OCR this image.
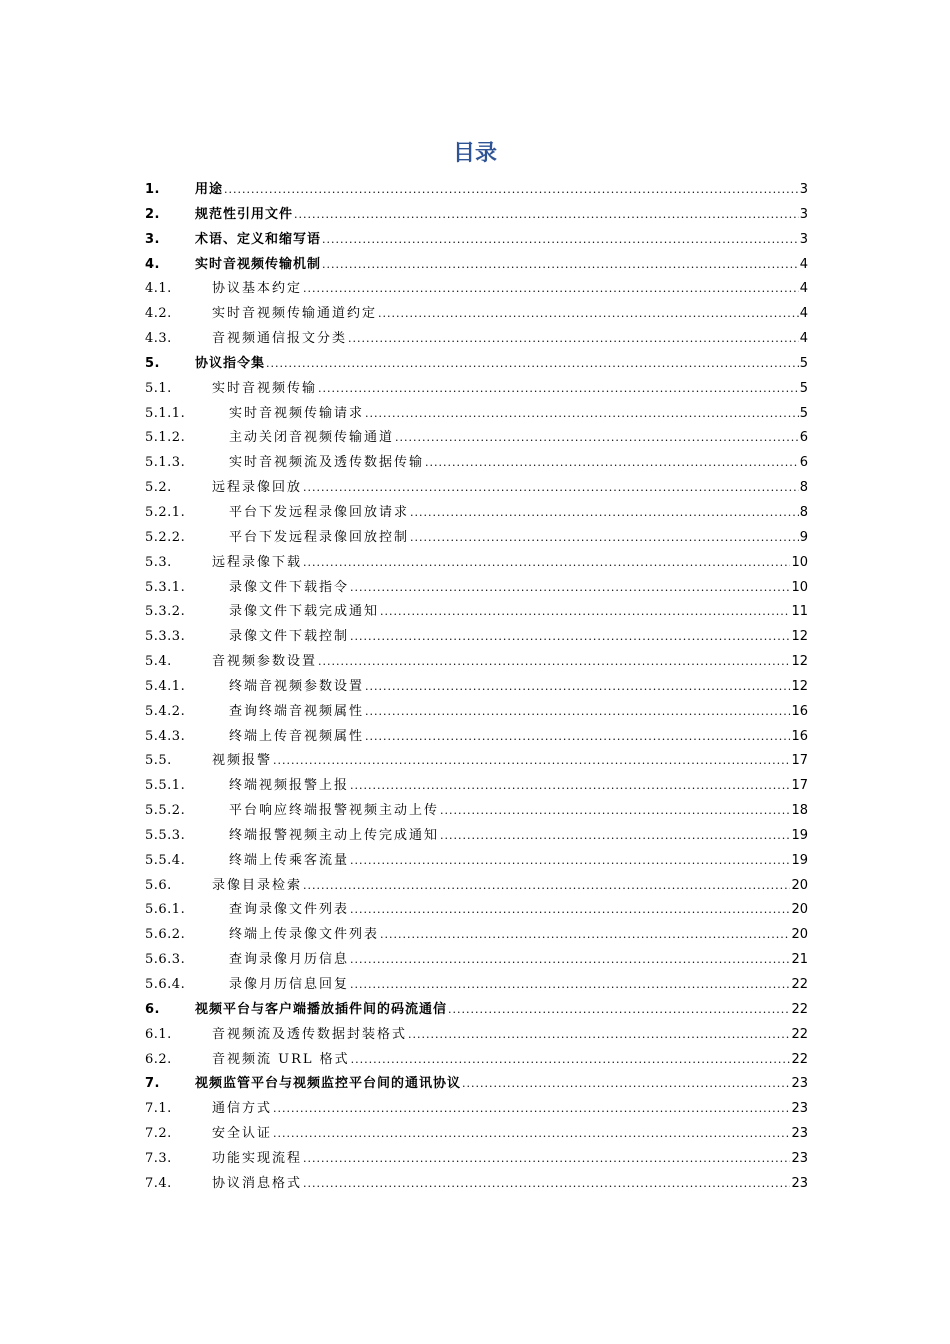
目录
1.	用途 .....	3
2.	规范性引用文件 .....	3
3.	术语、定义和缩写语 .....	3
4.	实时音视频传输机制 .....	4
4.1.	协议基本约定 .....	4
4.2.	实时音视频传输通道约定 .....	4
4.3.	音视频通信报文分类 .....	4
5.	协议指令集 .....	5
5.1.	实时音视频传输 .....	5
5.1.1.	实时音视频传输请求 .....	5
5.1.2.	主动关闭音视频传输通道 .....	6
5.1.3.	实时音视频流及透传数据传输 .....	6
5.2.	远程录像回放 .....	8
5.2.1.	平台下发远程录像回放请求 .....	8
5.2.2.	平台下发远程录像回放控制 .....	9
5.3.	远程录像下载 .....	10
5.3.1.	录像文件下载指令 .....	10
5.3.2.	录像文件下载完成通知 .....	11
5.3.3.	录像文件下载控制 .....	12
5.4.	音视频参数设置 .....	12
5.4.1.	终端音视频参数设置 .....	12
5.4.2.	查询终端音视频属性 .....	16
5.4.3.	终端上传音视频属性 .....	16
5.5.	视频报警 .....	17
5.5.1.	终端视频报警上报 .....	17
5.5.2.	平台响应终端报警视频主动上传 .....	18
5.5.3.	终端报警视频主动上传完成通知 .....	19
5.5.4.	终端上传乘客流量 .....	19
5.6.	录像目录检索 .....	20
5.6.1.	查询录像文件列表 .....	20
5.6.2.	终端上传录像文件列表 .....	20
5.6.3.	查询录像月历信息 .....	21
5.6.4.	录像月历信息回复 .....	22
6.	视频平台与客户端播放插件间的码流通信 .....	22
6.1.	音视频流及透传数据封装格式 .....	22
6.2.	音视频流 URL 格式 .....	22
7.	视频监管平台与视频监控平台间的通讯协议 .....	23
7.1.	通信方式 .....	23
7.2.	安全认证 .....	23
7.3.	功能实现流程 .....	23
7.4.	协议消息格式 .....	23
